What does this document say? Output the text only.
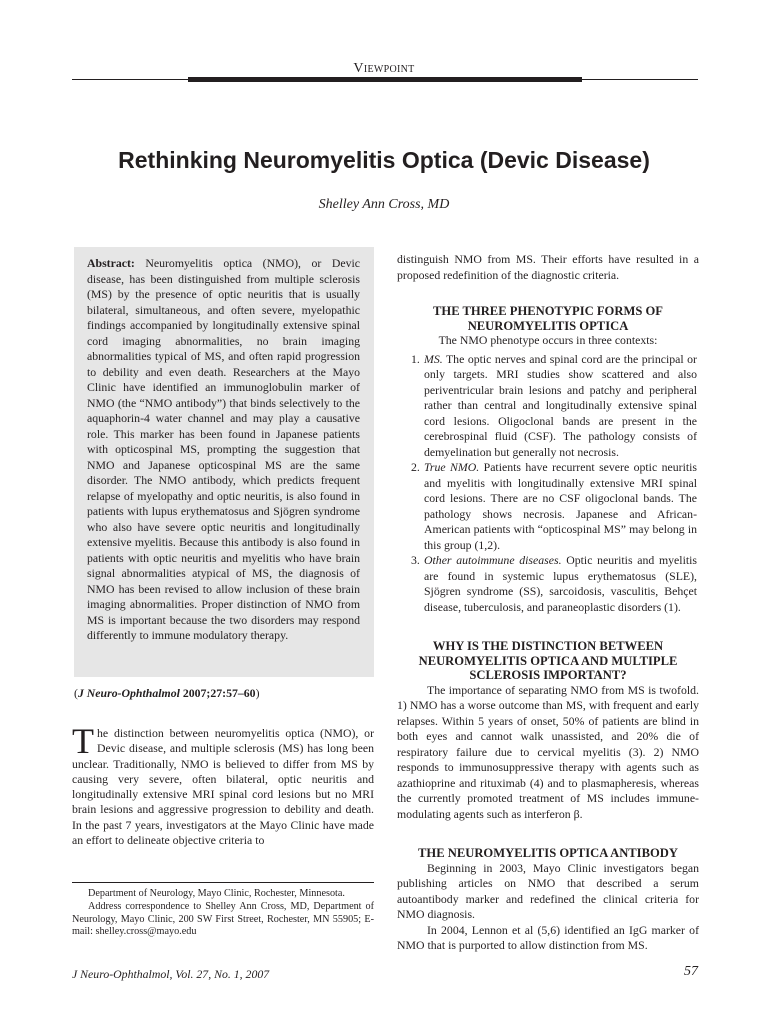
Viewpoint
Rethinking Neuromyelitis Optica (Devic Disease)
Shelley Ann Cross, MD
Abstract: Neuromyelitis optica (NMO), or Devic disease, has been distinguished from multiple sclerosis (MS) by the presence of optic neuritis that is usually bilateral, simultaneous, and often severe, myelopathic findings accompanied by longitudinally extensive spinal cord imaging abnormalities, no brain imaging abnormalities typical of MS, and often rapid progression to debility and even death. Researchers at the Mayo Clinic have identified an immunoglobulin marker of NMO (the “NMO antibody”) that binds selectively to the aquaphorin-4 water channel and may play a causative role. This marker has been found in Japanese patients with opticospinal MS, prompting the suggestion that NMO and Japanese opticospinal MS are the same disorder. The NMO antibody, which predicts frequent relapse of myelopathy and optic neuritis, is also found in patients with lupus erythematosus and Sjögren syndrome who also have severe optic neuritis and longitudinally extensive myelitis. Because this antibody is also found in patients with optic neuritis and myelitis who have brain signal abnormalities atypical of MS, the diagnosis of NMO has been revised to allow inclusion of these brain imaging abnormalities. Proper distinction of NMO from MS is important because the two disorders may respond differently to immune modulatory therapy.
(J Neuro-Ophthalmol 2007;27:57–60)
The distinction between neuromyelitis optica (NMO), or Devic disease, and multiple sclerosis (MS) has long been unclear. Traditionally, NMO is believed to differ from MS by causing very severe, often bilateral, optic neuritis and longitudinally extensive MRI spinal cord lesions but no MRI brain lesions and aggressive progression to debility and death. In the past 7 years, investigators at the Mayo Clinic have made an effort to delineate objective criteria to

Department of Neurology, Mayo Clinic, Rochester, Minnesota.

Address correspondence to Shelley Ann Cross, MD, Department of Neurology, Mayo Clinic, 200 SW First Street, Rochester, MN 55905; E-mail: shelley.cross@mayo.edu

distinguish NMO from MS. Their efforts have resulted in a proposed redefinition of the diagnostic criteria.

THE THREE PHENOTYPIC FORMS OF NEUROMYELITIS OPTICA

The NMO phenotype occurs in three contexts:

1. MS. The optic nerves and spinal cord are the principal or only targets. MRI studies show scattered and also periventricular brain lesions and patchy and peripheral rather than central and longitudinally extensive spinal cord lesions. Oligoclonal bands are present in the cerebrospinal fluid (CSF). The pathology consists of demyelination but generally not necrosis.
2. True NMO. Patients have recurrent severe optic neuritis and myelitis with longitudinally extensive MRI spinal cord lesions. There are no CSF oligoclonal bands. The pathology shows necrosis. Japanese and African-American patients with “opticospinal MS” may belong in this group (1,2).
3. Other autoimmune diseases. Optic neuritis and myelitis are found in systemic lupus erythematosus (SLE), Sjögren syndrome (SS), sarcoidosis, vasculitis, Behçet disease, tuberculosis, and paraneoplastic disorders (1).
WHY IS THE DISTINCTION BETWEEN NEUROMYELITIS OPTICA AND MULTIPLE SCLEROSIS IMPORTANT?

The importance of separating NMO from MS is twofold. 1) NMO has a worse outcome than MS, with frequent and early relapses. Within 5 years of onset, 50% of patients are blind in both eyes and cannot walk unassisted, and 20% die of respiratory failure due to cervical myelitis (3). 2) NMO responds to immunosuppressive therapy with agents such as azathioprine and rituximab (4) and to plasmapheresis, whereas the currently promoted treatment of MS includes immune-modulating agents such as interferon β.

THE NEUROMYELITIS OPTICA ANTIBODY

Beginning in 2003, Mayo Clinic investigators began publishing articles on NMO that described a serum autoantibody marker and redefined the clinical criteria for NMO diagnosis.

In 2004, Lennon et al (5,6) identified an IgG marker of NMO that is purported to allow distinction from MS.

J Neuro-Ophthalmol, Vol. 27, No. 1, 2007	57
